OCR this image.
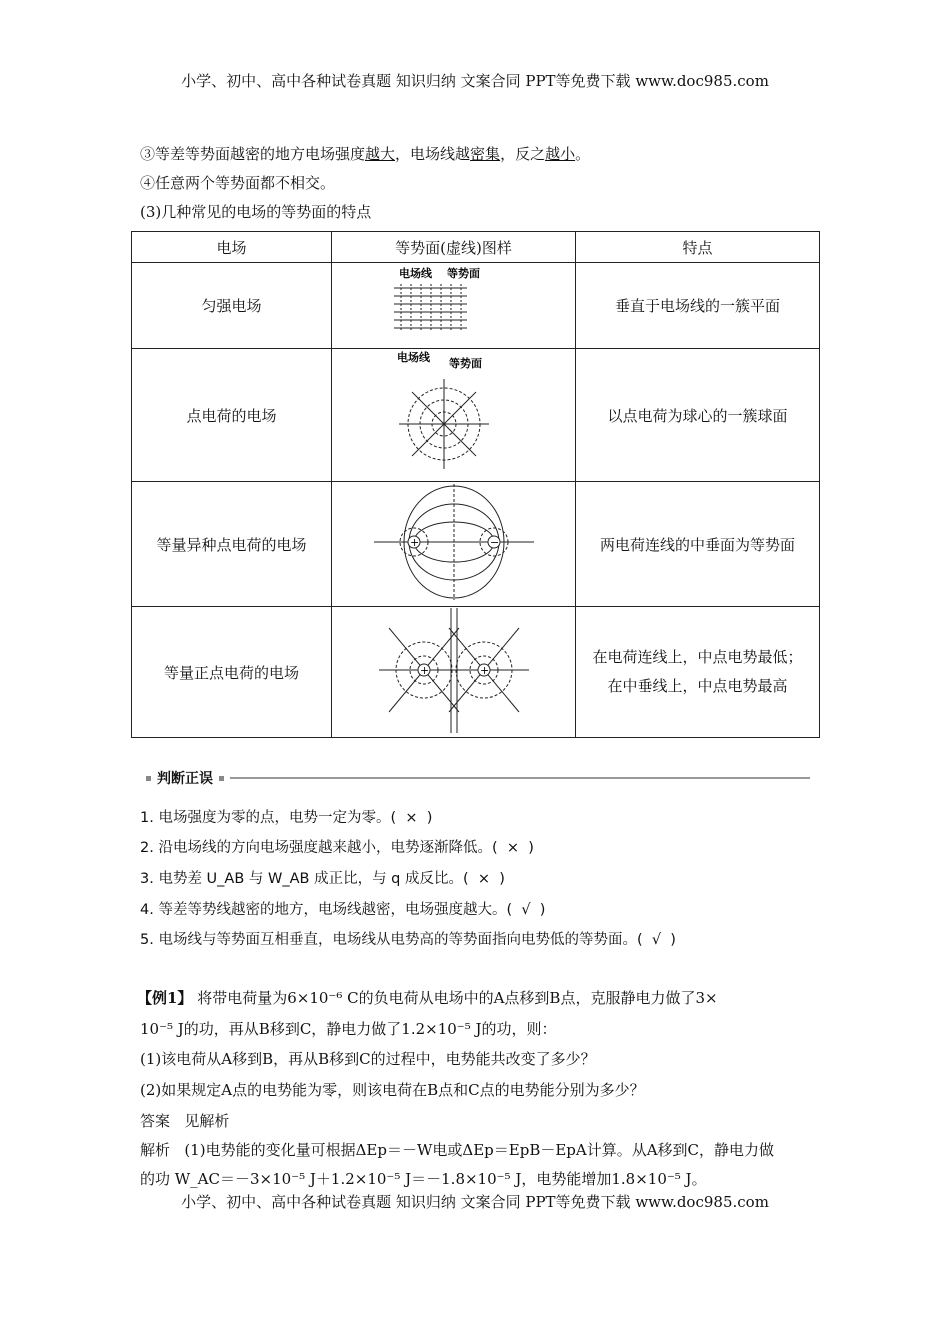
小学、初中、高中各种试卷真题 知识归纳 文案合同 PPT等免费下载 www.doc985.com
③等差等势面越密的地方电场强度越大，电场线越密集，反之越小。
④任意两个等势面都不相交。
(3)几种常见的电场的等势面的特点
电场	等势面(虚线)图样	特点
匀强电场	电场线 等势面	垂直于电场线的一簇平面
点电荷的电场	电场线 等势面	以点电荷为球心的一簇球面
等量异种点电荷的电场	+ −	两电荷连线的中垂面为等势面
等量正点电荷的电场	+ +	在电荷连线上，中点电势最低；在中垂线上，中点电势最高
判断正误
1. 电场强度为零的点，电势一定为零。( ×  )
2. 沿电场线的方向电场强度越来越小，电势逐渐降低。( ×  )
3. 电势差 U_AB 与 W_AB 成正比，与 q 成反比。( ×  )
4. 等差等势线越密的地方，电场线越密，电场强度越大。( √  )
5. 电场线与等势面互相垂直，电场线从电势高的等势面指向电势低的等势面。( √  )
【例1】 将带电荷量为6×10⁻⁶ C的负电荷从电场中的A点移到B点，克服静电力做了3×
10⁻⁵ J的功，再从B移到C，静电力做了1.2×10⁻⁵ J的功，则：
(1)该电荷从A移到B，再从B移到C的过程中，电势能共改变了多少？
(2)如果规定A点的电势能为零，则该电荷在B点和C点的电势能分别为多少？
答案 见解析
解析 (1)电势能的变化量可根据ΔEp＝－W电或ΔEp＝EpB－EpA计算。从A移到C，静电力做
的功 W_AC＝－3×10⁻⁵ J＋1.2×10⁻⁵ J＝－1.8×10⁻⁵ J，电势能增加1.8×10⁻⁵ J。
小学、初中、高中各种试卷真题 知识归纳 文案合同 PPT等免费下载 www.doc985.com
